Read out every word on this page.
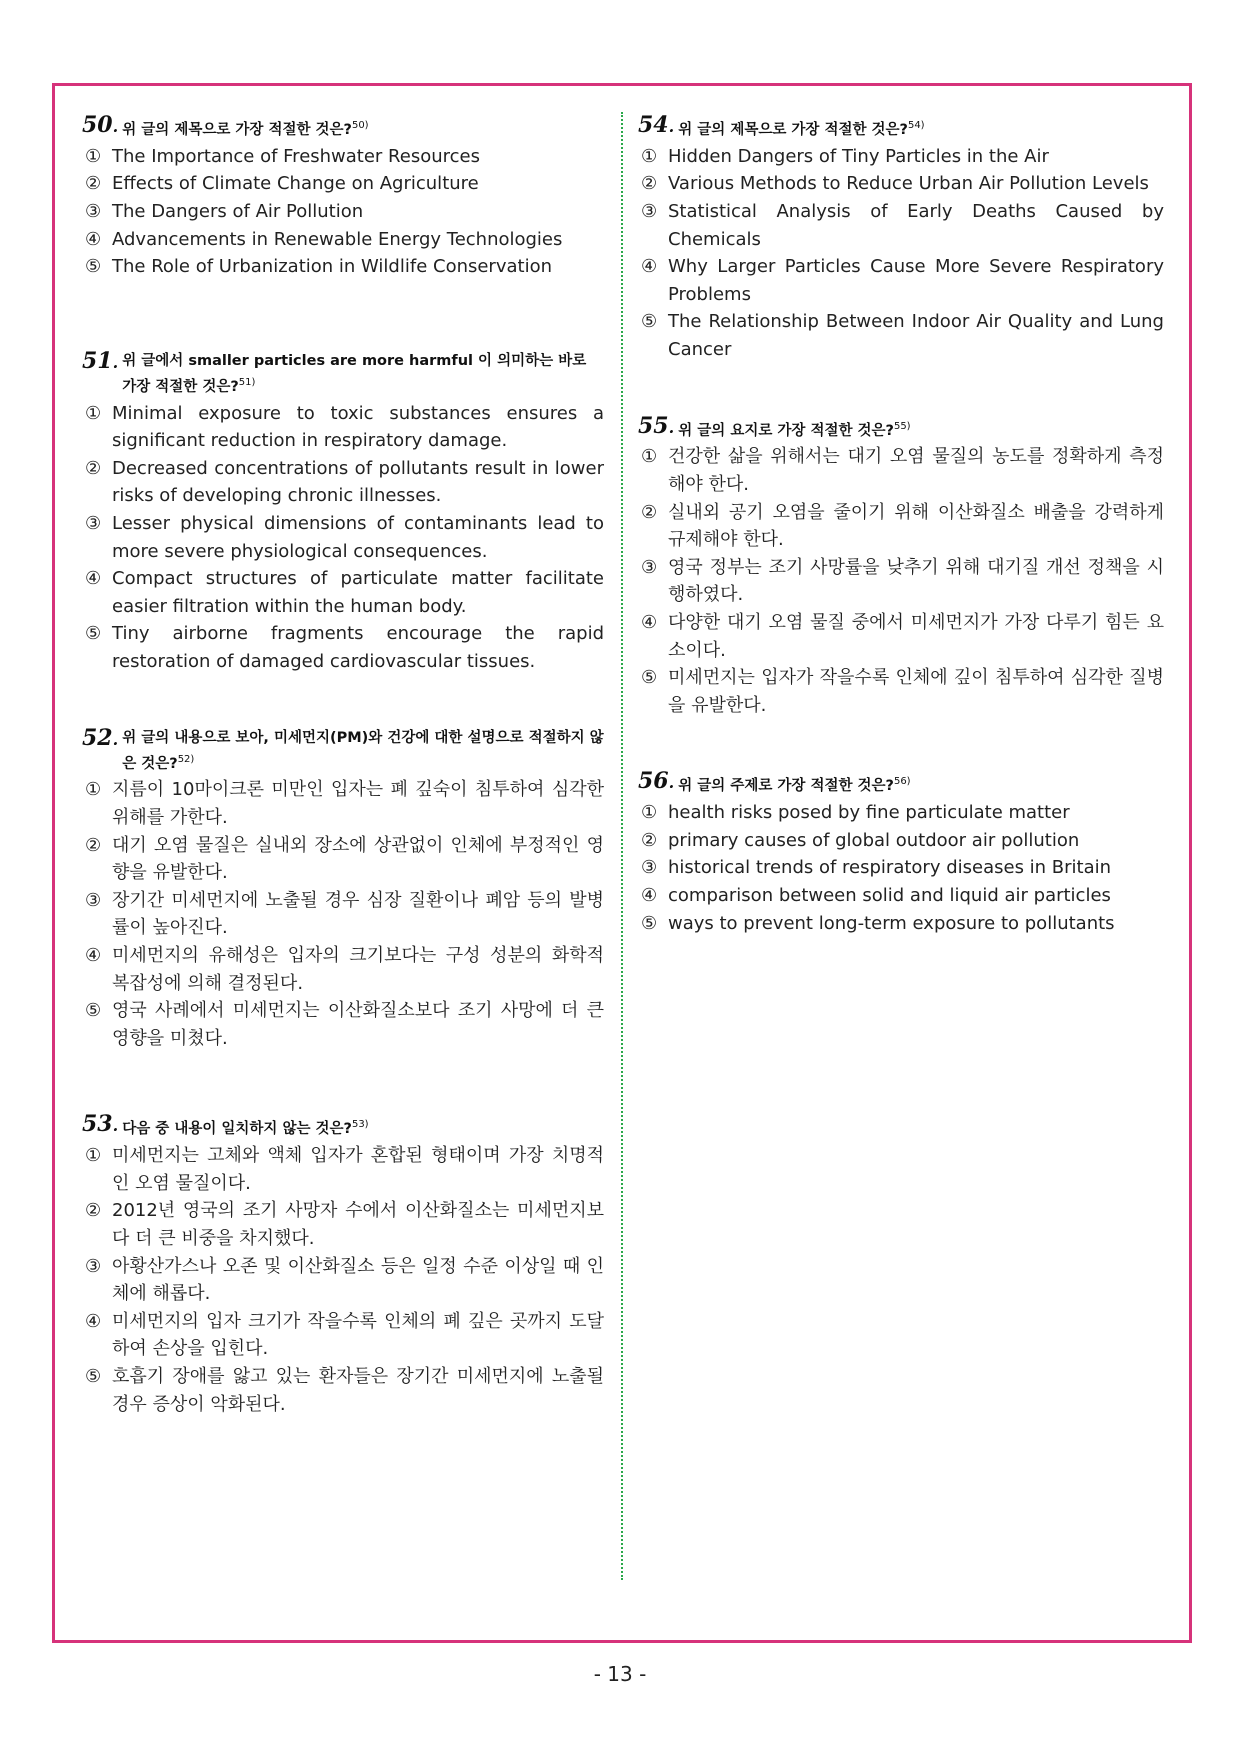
50. 위 글의 제목으로 가장 적절한 것은?$^{50)}$
① The Importance of Freshwater Resources
② Effects of Climate Change on Agriculture
③ The Dangers of Air Pollution
④ Advancements in Renewable Energy Technologies
⑤ The Role of Urbanization in Wildlife Conservation
51. 위 글에서 smaller particles are more harmful 이 의미하는 바로 가장 적절한 것은?$^{51)}$
① Minimal exposure to toxic substances ensures a significant reduction in respiratory damage.
② Decreased concentrations of pollutants result in lower risks of developing chronic illnesses.
③ Lesser physical dimensions of contaminants lead to more severe physiological consequences.
④ Compact structures of particulate matter facilitate easier filtration within the human body.
⑤ Tiny airborne fragments encourage the rapid restoration of damaged cardiovascular tissues.
52. 위 글의 내용으로 보아, 미세먼지(PM)와 건강에 대한 설명으로 적절하지 않은 것은?$^{52)}$
① 지름이 10마이크론 미만인 입자는 폐 깊숙이 침투하여 심각한 위해를 가한다.
② 대기 오염 물질은 실내외 장소에 상관없이 인체에 부정적인 영향을 유발한다.
③ 장기간 미세먼지에 노출될 경우 심장 질환이나 폐암 등의 발병률이 높아진다.
④ 미세먼지의 유해성은 입자의 크기보다는 구성 성분의 화학적 복잡성에 의해 결정된다.
⑤ 영국 사례에서 미세먼지는 이산화질소보다 조기 사망에 더 큰 영향을 미쳤다.
53. 다음 중 내용이 일치하지 않는 것은?$^{53)}$
① 미세먼지는 고체와 액체 입자가 혼합된 형태이며 가장 치명적인 오염 물질이다.
② 2012년 영국의 조기 사망자 수에서 이산화질소는 미세먼지보다 더 큰 비중을 차지했다.
③ 아황산가스나 오존 및 이산화질소 등은 일정 수준 이상일 때 인체에 해롭다.
④ 미세먼지의 입자 크기가 작을수록 인체의 폐 깊은 곳까지 도달하여 손상을 입힌다.
⑤ 호흡기 장애를 앓고 있는 환자들은 장기간 미세먼지에 노출될 경우 증상이 악화된다.
54. 위 글의 제목으로 가장 적절한 것은?$^{54)}$
① Hidden Dangers of Tiny Particles in the Air
② Various Methods to Reduce Urban Air Pollution Levels
③ Statistical Analysis of Early Deaths Caused by Chemicals
④ Why Larger Particles Cause More Severe Respiratory Problems
⑤ The Relationship Between Indoor Air Quality and Lung Cancer
55. 위 글의 요지로 가장 적절한 것은?$^{55)}$
① 건강한 삶을 위해서는 대기 오염 물질의 농도를 정확하게 측정해야 한다.
② 실내외 공기 오염을 줄이기 위해 이산화질소 배출을 강력하게 규제해야 한다.
③ 영국 정부는 조기 사망률을 낮추기 위해 대기질 개선 정책을 시행하였다.
④ 다양한 대기 오염 물질 중에서 미세먼지가 가장 다루기 힘든 요소이다.
⑤ 미세먼지는 입자가 작을수록 인체에 깊이 침투하여 심각한 질병을 유발한다.
56. 위 글의 주제로 가장 적절한 것은?$^{56)}$
① health risks posed by fine particulate matter
② primary causes of global outdoor air pollution
③ historical trends of respiratory diseases in Britain
④ comparison between solid and liquid air particles
⑤ ways to prevent long-term exposure to pollutants
- 13 -
